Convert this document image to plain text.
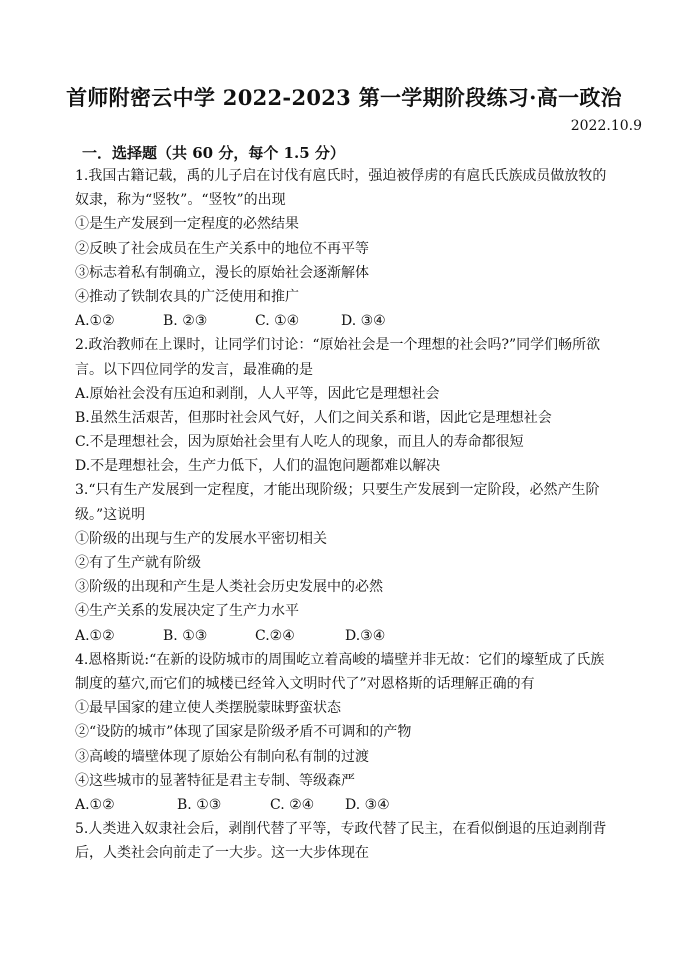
首师附密云中学 2022-2023 第一学期阶段练习·高一政治
2022.10.9
一．选择题（共 60 分，每个 1.5 分）
1.我国古籍记载，禹的儿子启在讨伐有扈氏时，强迫被俘虏的有扈氏氏族成员做放牧的
奴隶，称为“竖牧”。“竖牧”的出现
①是生产发展到一定程度的必然结果
②反映了社会成员在生产关系中的地位不再平等
③标志着私有制确立，漫长的原始社会逐渐解体
④推动了铁制农具的广泛使用和推广
A.①②	B. ②③	C. ①④	D. ③④
2.政治教师在上课时，让同学们讨论：“原始社会是一个理想的社会吗?”同学们畅所欲
言。以下四位同学的发言，最准确的是
A.原始社会没有压迫和剥削，人人平等，因此它是理想社会
B.虽然生活艰苦，但那时社会风气好，人们之间关系和谐，因此它是理想社会
C.不是理想社会，因为原始社会里有人吃人的现象，而且人的寿命都很短
D.不是理想社会，生产力低下，人们的温饱问题都难以解决
3.“只有生产发展到一定程度，才能出现阶级；只要生产发展到一定阶段，必然产生阶
级。”这说明
①阶级的出现与生产的发展水平密切相关
②有了生产就有阶级
③阶级的出现和产生是人类社会历史发展中的必然
④生产关系的发展决定了生产力水平
A.①②	B. ①③	C.②④	D.③④
4.恩格斯说:“在新的设防城市的周围屹立着高峻的墙壁并非无故：它们的壕堑成了氏族
制度的墓穴,而它们的城楼已经耸入文明时代了”对恩格斯的话理解正确的有
①最早国家的建立使人类摆脱蒙昧野蛮状态
②“设防的城市”体现了国家是阶级矛盾不可调和的产物
③高峻的墙壁体现了原始公有制向私有制的过渡
④这些城市的显著特征是君主专制、等级森严
A.①②	B. ①③	C. ②④	D. ③④
5.人类进入奴隶社会后，剥削代替了平等，专政代替了民主，在看似倒退的压迫剥削背
后，人类社会向前走了一大步。这一大步体现在
